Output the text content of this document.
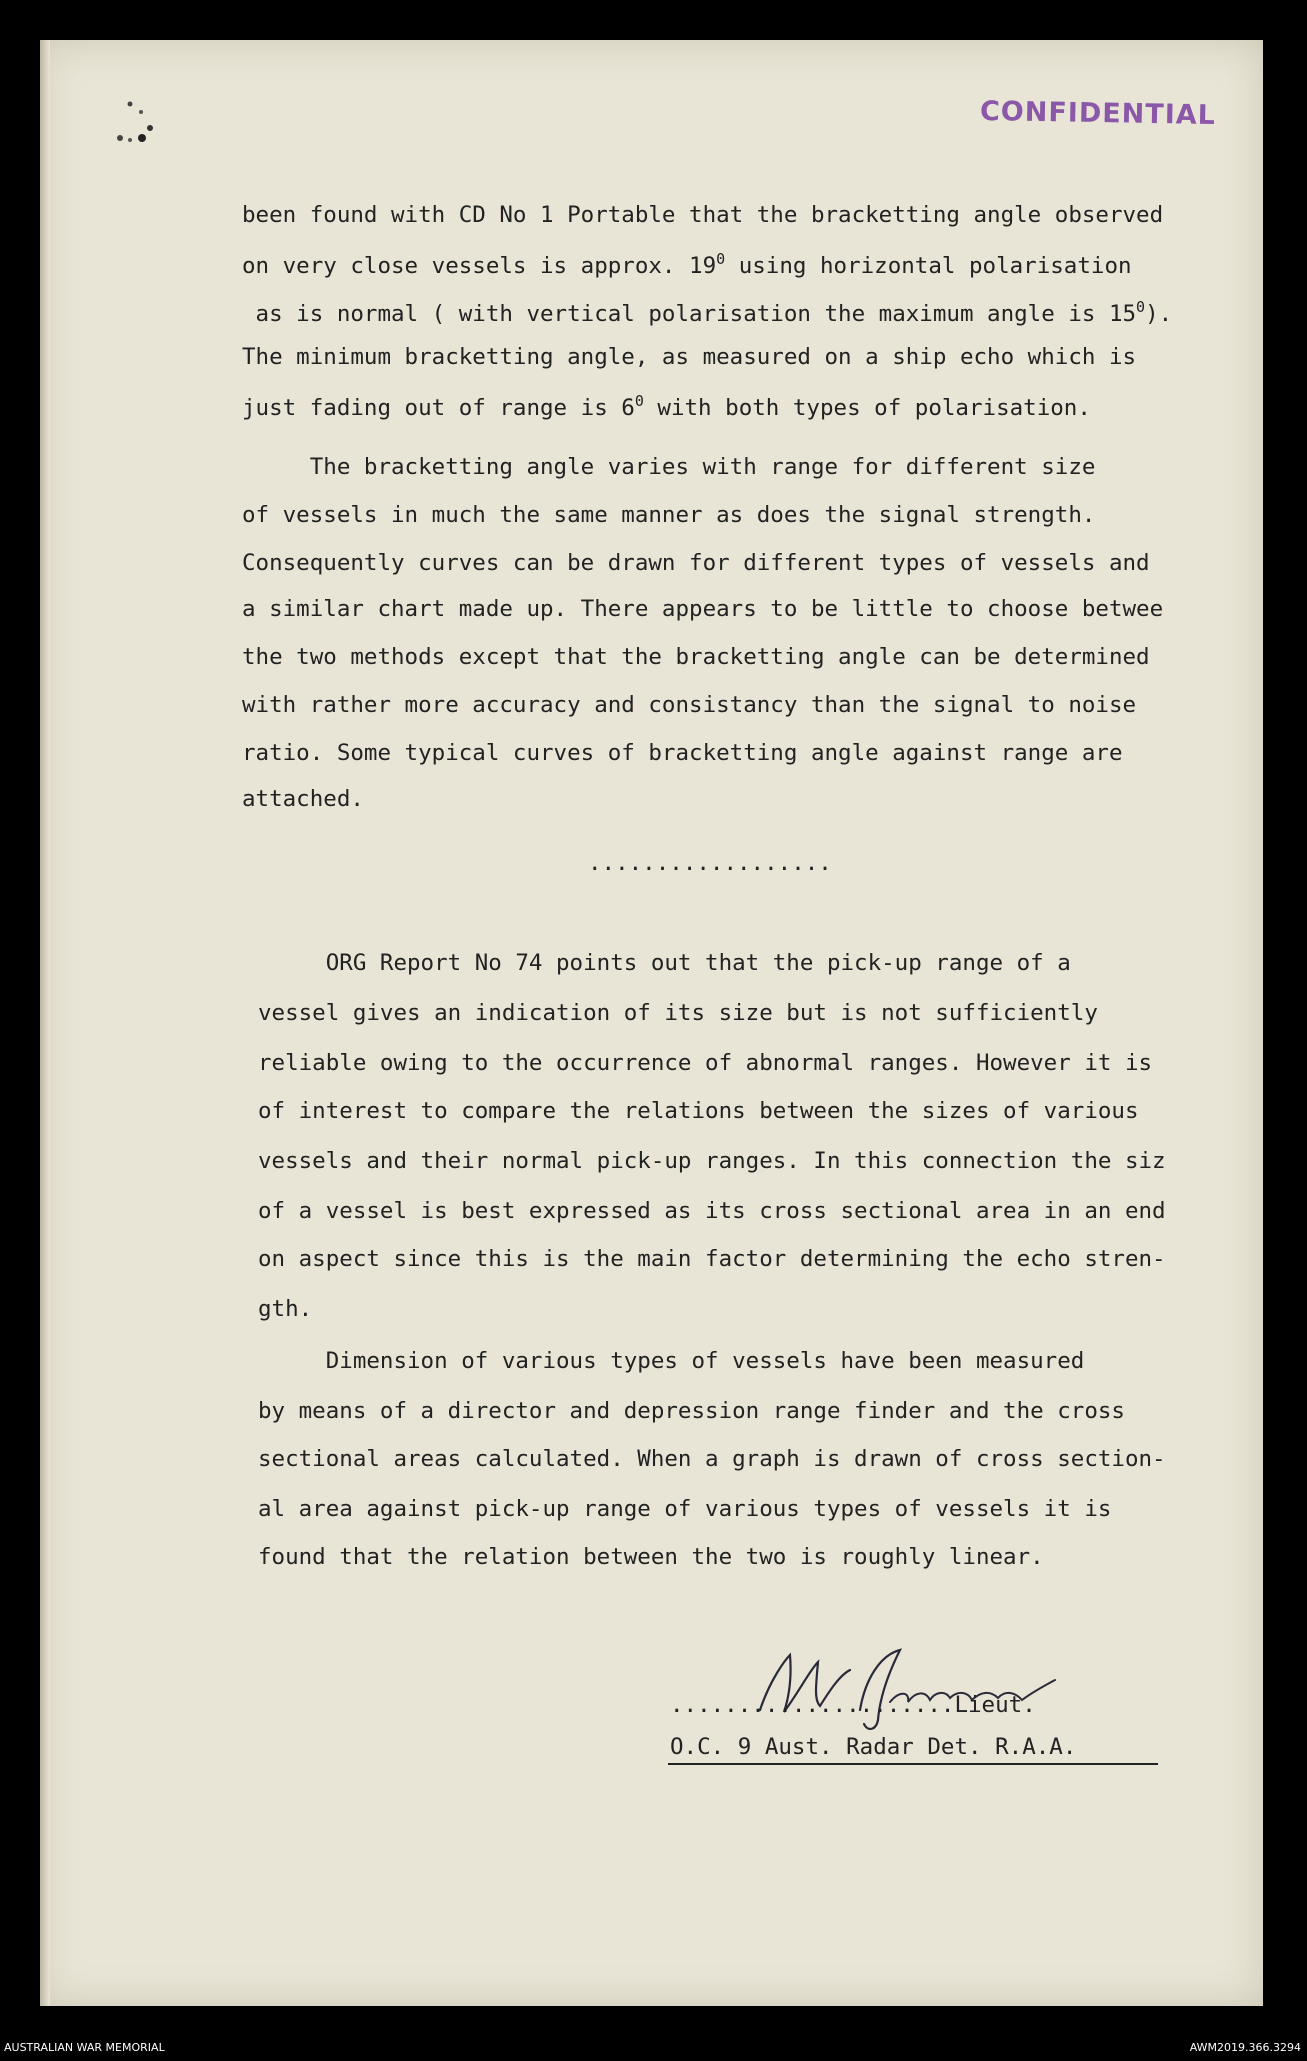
CONFIDENTIAL

been found with CD No 1 Portable that the bracketting angle observed

on very close vessels is approx. $19^0$ using horizontal polarisation

as is normal ( with vertical polarisation the maximum angle is $15^0$).

The minimum bracketting angle, as measured on a ship echo which is

just fading out of range is $6^0$ with both types of polarisation.

The bracketting angle varies with range for different size

of vessels in much the same manner as does the signal strength.

Consequently curves can be drawn for different types of vessels and

a similar chart made up. There appears to be little to choose betwee

the two methods except that the bracketting angle can be determined

with rather more accuracy and consistancy than the signal to noise

ratio. Some typical curves of bracketting angle against range are

attached.

..................

ORG Report No 74 points out that the pick-up range of a

vessel gives an indication of its size but is not sufficiently

reliable owing to the occurrence of abnormal ranges. However it is

of interest to compare the relations between the sizes of various

vessels and their normal pick-up ranges. In this connection the siz

of a vessel is best expressed as its cross sectional area in an end

on aspect since this is the main factor determining the echo stren-

gth.

Dimension of various types of vessels have been measured

by means of a director and depression range finder and the cross

sectional areas calculated. When a graph is drawn of cross section-

al area against pick-up range of various types of vessels it is

found that the relation between the two is roughly linear.

.....................Lieut.
O.C. 9 Aust. Radar Det. R.A.A.
AUSTRALIAN WAR MEMORIAL	AWM2019.366.3294
